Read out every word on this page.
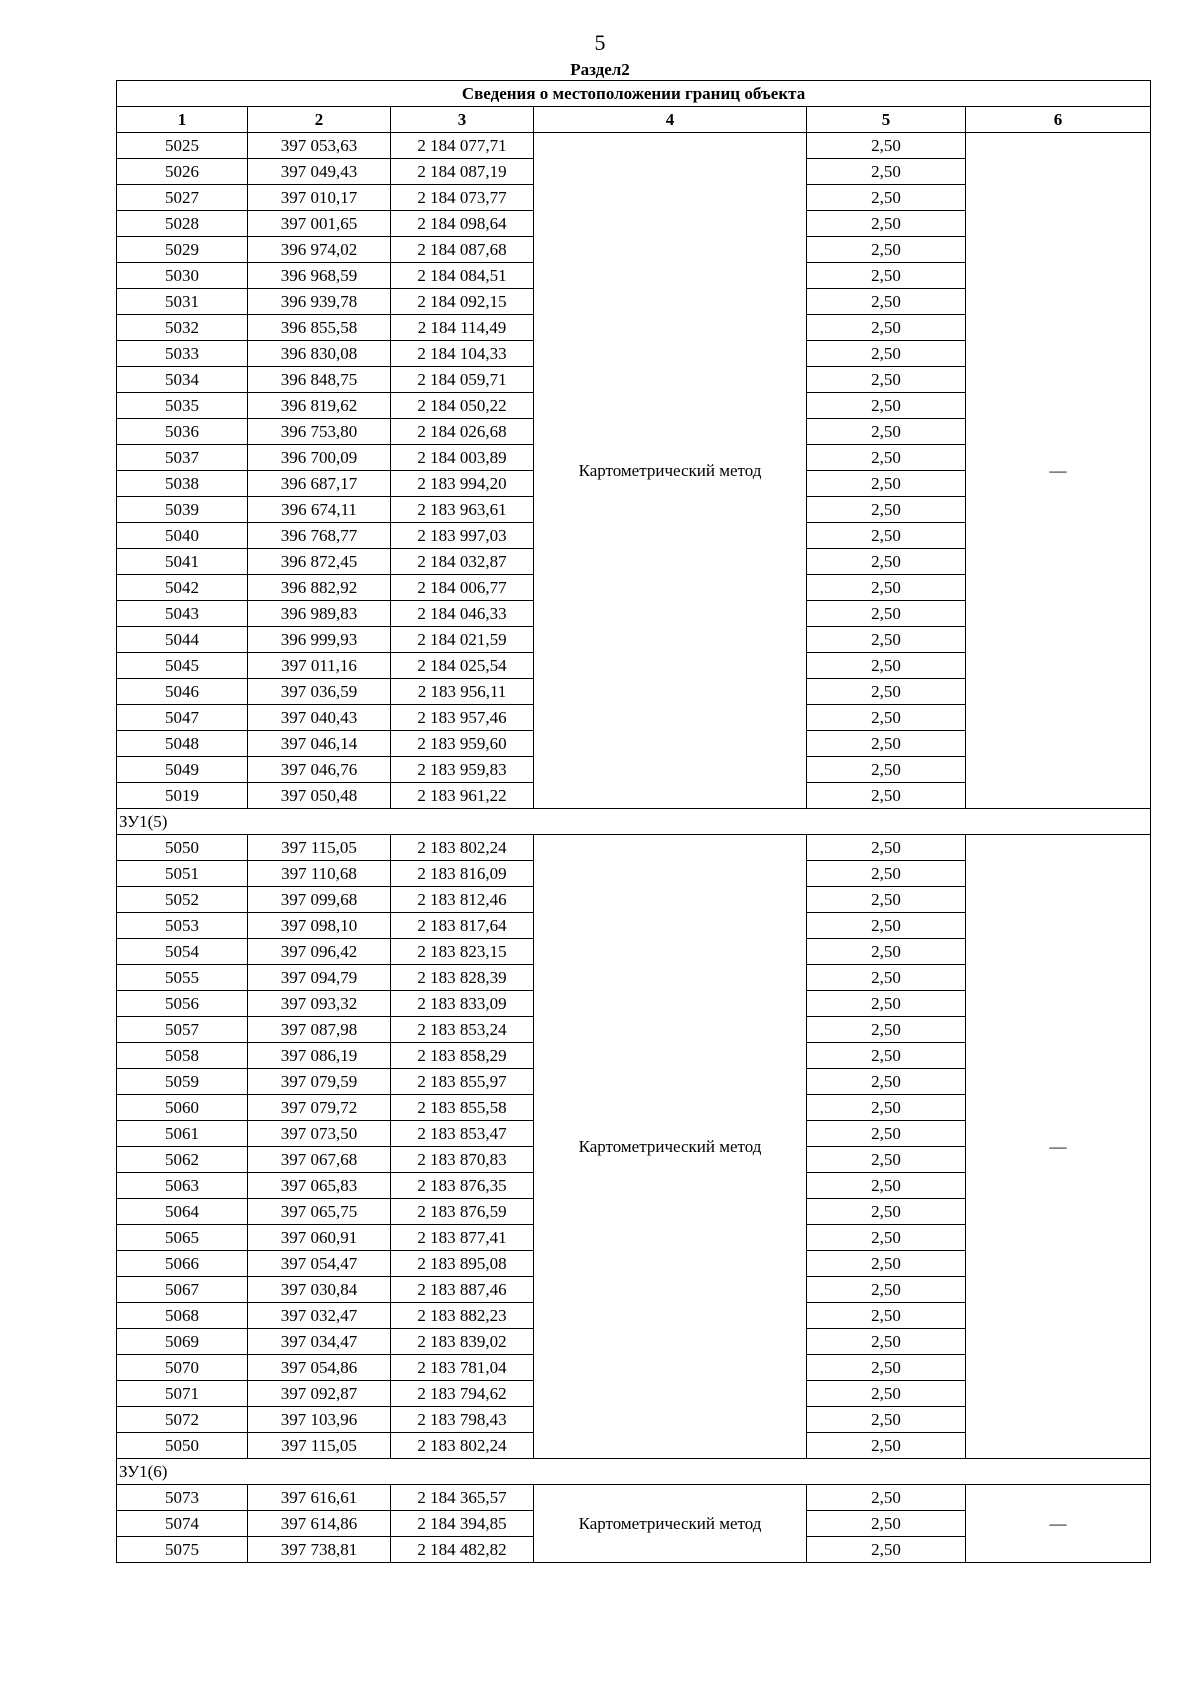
5
Раздел2
Сведения о местоположении границ объекта					
1	2	3	4	5	6
5025	397 053,63	2 184 077,71	Картометрический метод	2,50	—
5026	397 049,43	2 184 087,19		2,50	
5027	397 010,17	2 184 073,77		2,50	
5028	397 001,65	2 184 098,64		2,50	
5029	396 974,02	2 184 087,68		2,50	
5030	396 968,59	2 184 084,51		2,50	
5031	396 939,78	2 184 092,15		2,50	
5032	396 855,58	2 184 114,49		2,50	
5033	396 830,08	2 184 104,33		2,50	
5034	396 848,75	2 184 059,71		2,50	
5035	396 819,62	2 184 050,22		2,50	
5036	396 753,80	2 184 026,68		2,50	
5037	396 700,09	2 184 003,89		2,50	
5038	396 687,17	2 183 994,20		2,50	
5039	396 674,11	2 183 963,61		2,50	
5040	396 768,77	2 183 997,03		2,50	
5041	396 872,45	2 184 032,87		2,50	
5042	396 882,92	2 184 006,77		2,50	
5043	396 989,83	2 184 046,33		2,50	
5044	396 999,93	2 184 021,59		2,50	
5045	397 011,16	2 184 025,54		2,50	
5046	397 036,59	2 183 956,11		2,50	
5047	397 040,43	2 183 957,46		2,50	
5048	397 046,14	2 183 959,60		2,50	
5049	397 046,76	2 183 959,83		2,50	
5019	397 050,48	2 183 961,22		2,50	
ЗУ1(5)					
5050	397 115,05	2 183 802,24	Картометрический метод	2,50	—
5051	397 110,68	2 183 816,09		2,50	
5052	397 099,68	2 183 812,46		2,50	
5053	397 098,10	2 183 817,64		2,50	
5054	397 096,42	2 183 823,15		2,50	
5055	397 094,79	2 183 828,39		2,50	
5056	397 093,32	2 183 833,09		2,50	
5057	397 087,98	2 183 853,24		2,50	
5058	397 086,19	2 183 858,29		2,50	
5059	397 079,59	2 183 855,97		2,50	
5060	397 079,72	2 183 855,58		2,50	
5061	397 073,50	2 183 853,47		2,50	
5062	397 067,68	2 183 870,83		2,50	
5063	397 065,83	2 183 876,35		2,50	
5064	397 065,75	2 183 876,59		2,50	
5065	397 060,91	2 183 877,41		2,50	
5066	397 054,47	2 183 895,08		2,50	
5067	397 030,84	2 183 887,46		2,50	
5068	397 032,47	2 183 882,23		2,50	
5069	397 034,47	2 183 839,02		2,50	
5070	397 054,86	2 183 781,04		2,50	
5071	397 092,87	2 183 794,62		2,50	
5072	397 103,96	2 183 798,43		2,50	
5050	397 115,05	2 183 802,24		2,50	
ЗУ1(6)					
5073	397 616,61	2 184 365,57	Картометрический метод	2,50	—
5074	397 614,86	2 184 394,85		2,50	
5075	397 738,81	2 184 482,82		2,50	
